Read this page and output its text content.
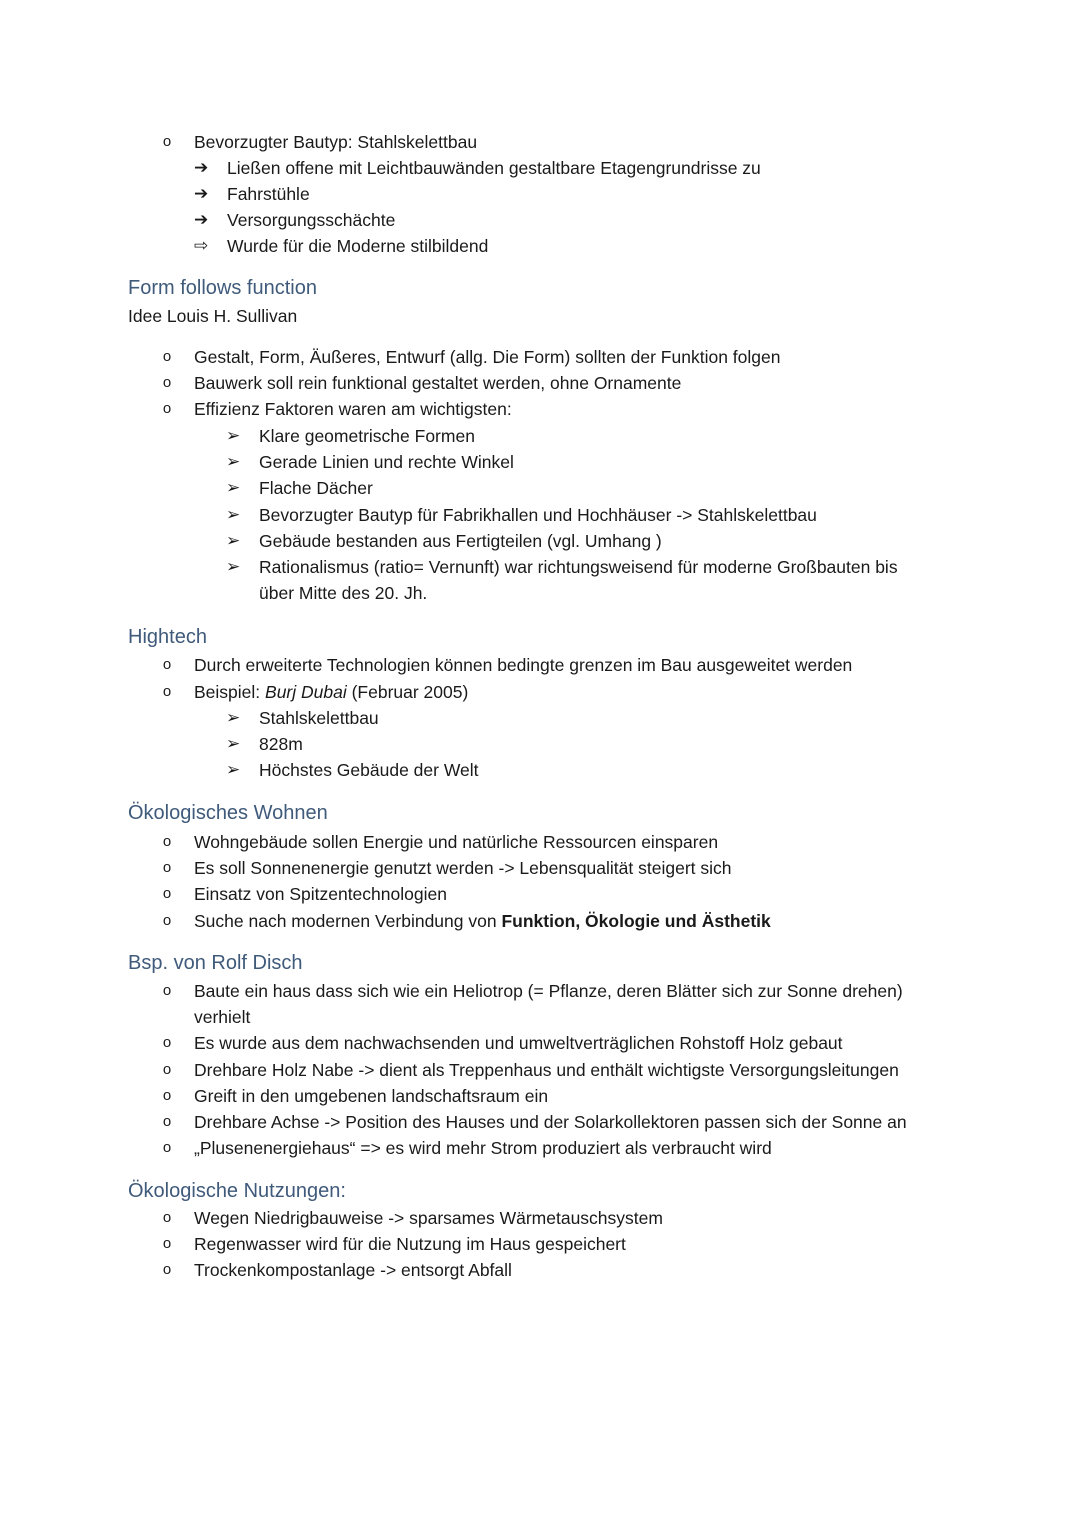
o	Bevorzugter Bautyp: Stahlskelettbau
➔	Ließen offene mit Leichtbauwänden gestaltbare Etagengrundrisse zu
➔	Fahrstühle
➔	Versorgungsschächte
⇨	Wurde für die Moderne stilbildend
Form follows function
Idee Louis H. Sullivan
o	Gestalt, Form, Äußeres, Entwurf (allg. Die Form) sollten der Funktion folgen
o	Bauwerk soll rein funktional gestaltet werden, ohne Ornamente
o	Effizienz Faktoren waren am wichtigsten:
➢	Klare geometrische Formen
➢	Gerade Linien und rechte Winkel
➢	Flache Dächer
➢	Bevorzugter Bautyp für Fabrikhallen und Hochhäuser -> Stahlskelettbau
➢	Gebäude bestanden aus Fertigteilen (vgl. Umhang )
➢	Rationalismus (ratio= Vernunft) war richtungsweisend für moderne Großbauten bis
über Mitte des 20. Jh.
Hightech
o	Durch erweiterte Technologien können bedingte grenzen im Bau ausgeweitet werden
o	Beispiel: Burj Dubai (Februar 2005)
➢	Stahlskelettbau
➢	828m
➢	Höchstes Gebäude der Welt
Ökologisches Wohnen
o	Wohngebäude sollen Energie und natürliche Ressourcen einsparen
o	Es soll Sonnenenergie genutzt werden -> Lebensqualität steigert sich
o	Einsatz von Spitzentechnologien
o	Suche nach modernen Verbindung von Funktion, Ökologie und Ästhetik
Bsp. von Rolf Disch
o	Baute ein haus dass sich wie ein Heliotrop (= Pflanze, deren Blätter sich zur Sonne drehen)
verhielt
o	Es wurde aus dem nachwachsenden und umweltverträglichen Rohstoff Holz gebaut
o	Drehbare Holz Nabe -> dient als Treppenhaus und enthält wichtigste Versorgungsleitungen
o	Greift in den umgebenen landschaftsraum ein
o	Drehbare Achse -> Position des Hauses und der Solarkollektoren passen sich der Sonne an
o	„Plusenenergiehaus“ => es wird mehr Strom produziert als verbraucht wird
Ökologische Nutzungen:
o	Wegen Niedrigbauweise -> sparsames Wärmetauschsystem
o	Regenwasser wird für die Nutzung im Haus gespeichert
o	Trockenkompostanlage -> entsorgt Abfall
